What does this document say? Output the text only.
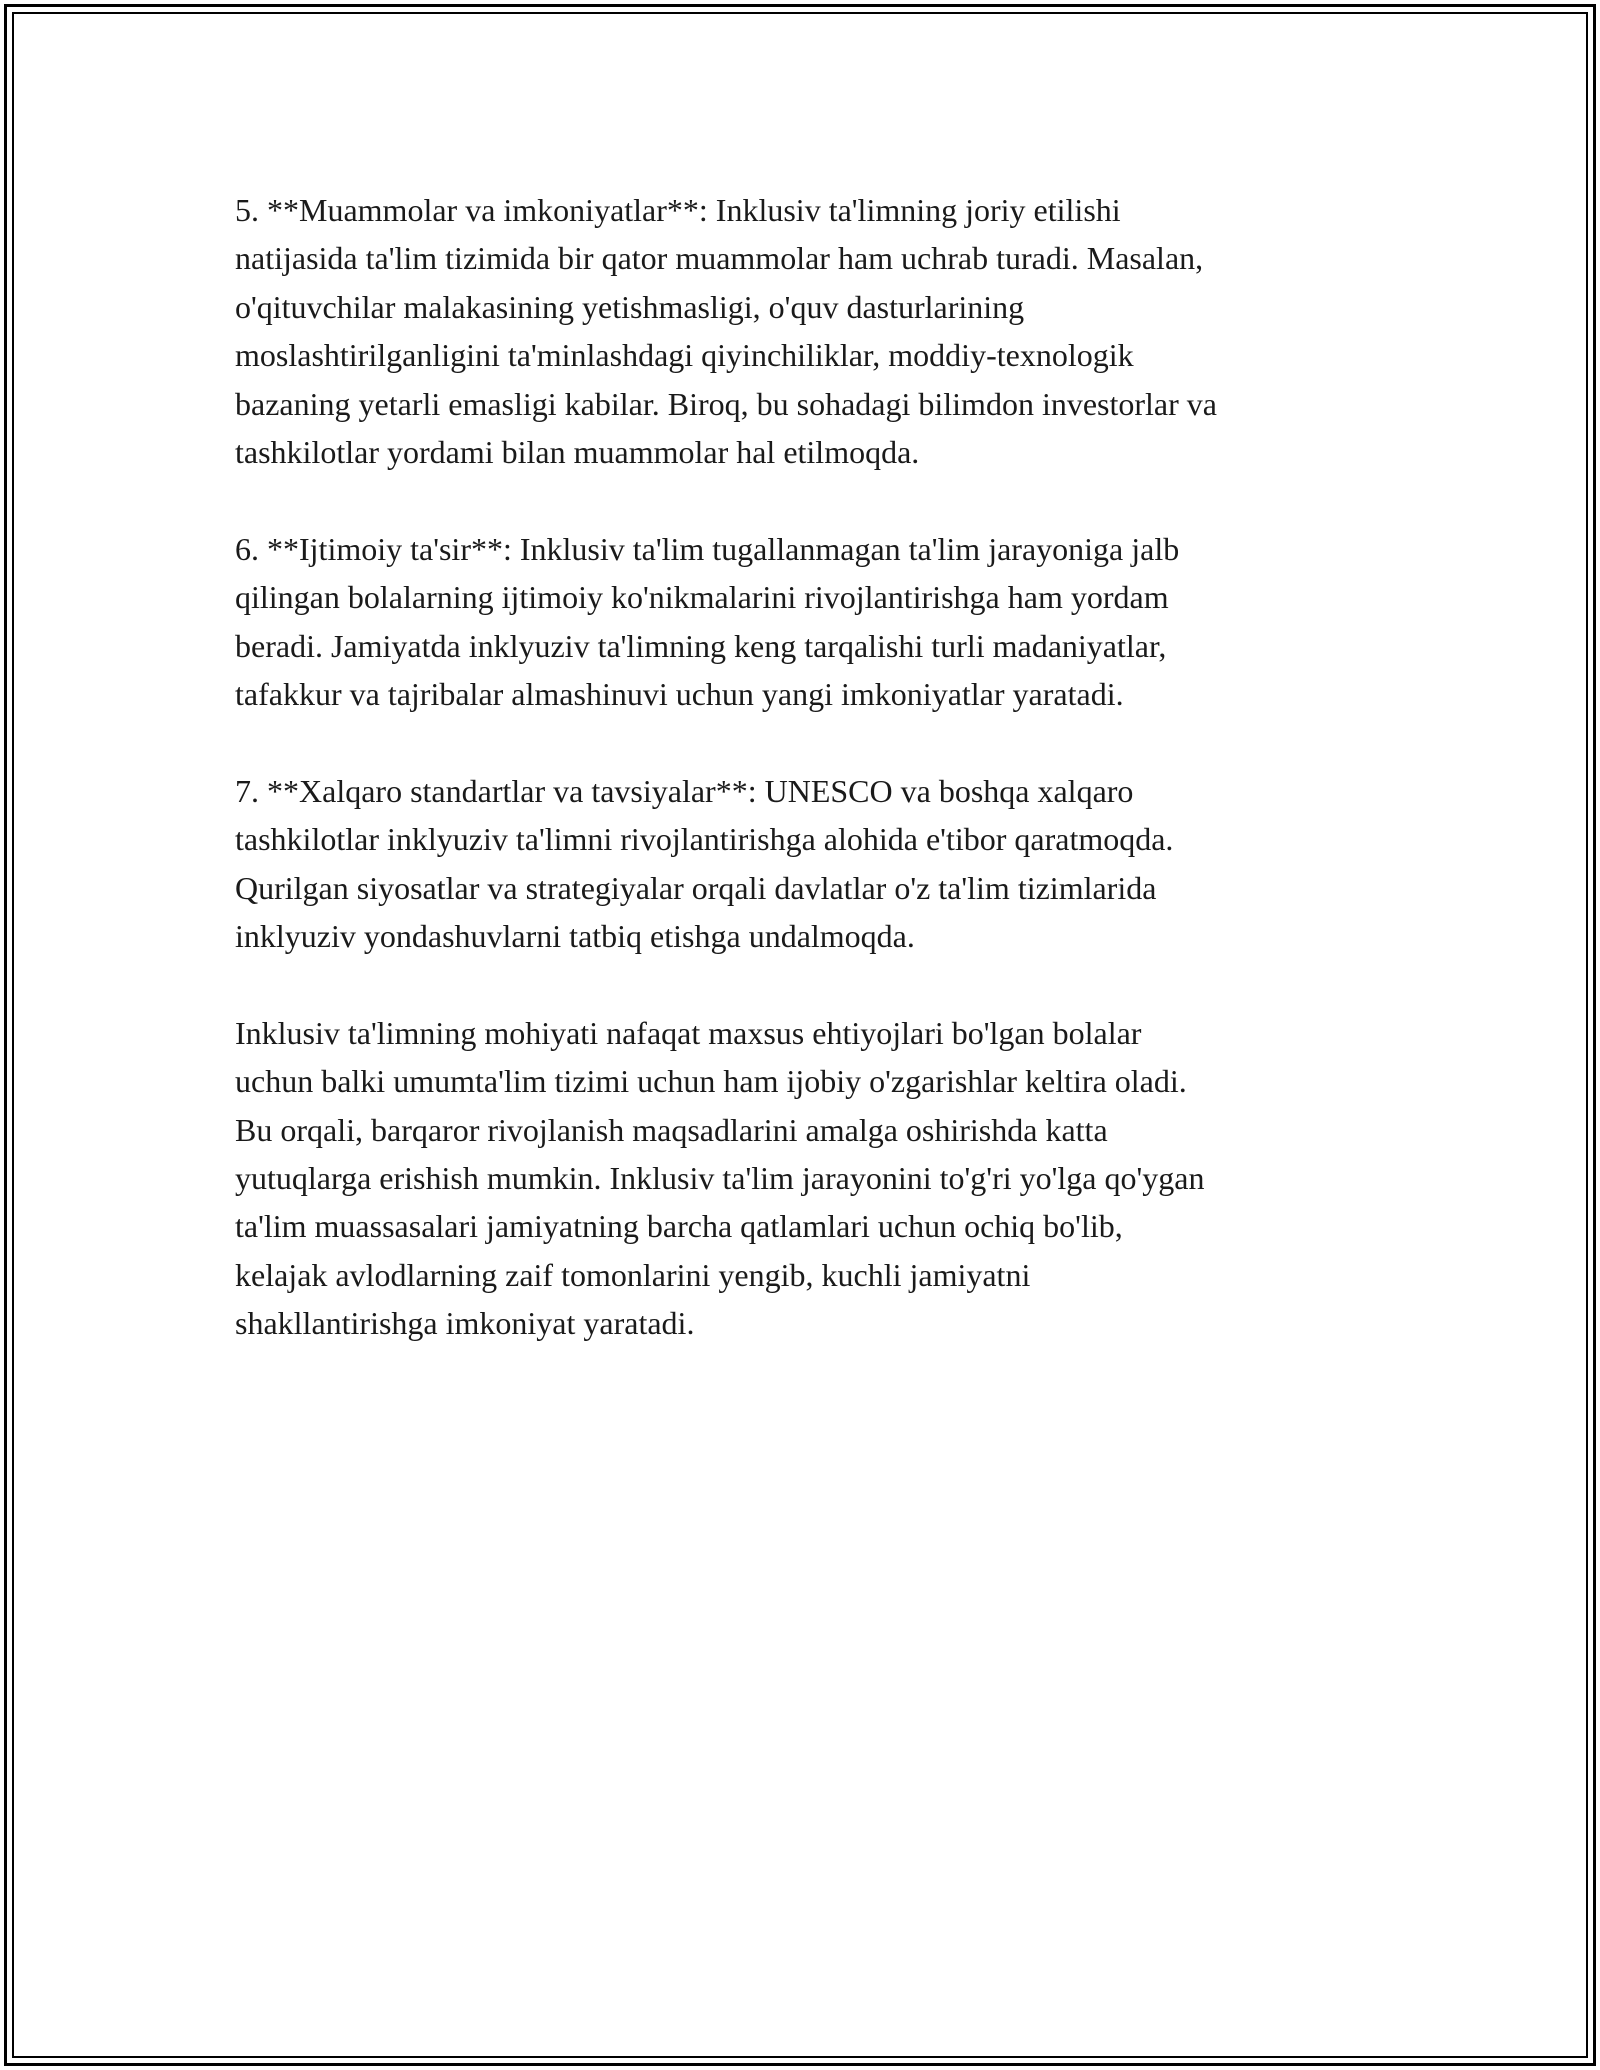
5. **Muammolar va imkoniyatlar**: Inklusiv ta'limning joriy etilishi
natijasida ta'lim tizimida bir qator muammolar ham uchrab turadi. Masalan,
o'qituvchilar malakasining yetishmasligi, o'quv dasturlarining
moslashtirilganligini ta'minlashdagi qiyinchiliklar, moddiy-texnologik
bazaning yetarli emasligi kabilar. Biroq, bu sohadagi bilimdon investorlar va
tashkilotlar yordami bilan muammolar hal etilmoqda.

6. **Ijtimoiy ta'sir**: Inklusiv ta'lim tugallanmagan ta'lim jarayoniga jalb
qilingan bolalarning ijtimoiy ko'nikmalarini rivojlantirishga ham yordam
beradi. Jamiyatda inklyuziv ta'limning keng tarqalishi turli madaniyatlar,
tafakkur va tajribalar almashinuvi uchun yangi imkoniyatlar yaratadi.

7. **Xalqaro standartlar va tavsiyalar**: UNESCO va boshqa xalqaro
tashkilotlar inklyuziv ta'limni rivojlantirishga alohida e'tibor qaratmoqda.
Qurilgan siyosatlar va strategiyalar orqali davlatlar o'z ta'lim tizimlarida
inklyuziv yondashuvlarni tatbiq etishga undalmoqda.

Inklusiv ta'limning mohiyati nafaqat maxsus ehtiyojlari bo'lgan bolalar
uchun balki umumta'lim tizimi uchun ham ijobiy o'zgarishlar keltira oladi.
Bu orqali, barqaror rivojlanish maqsadlarini amalga oshirishda katta
yutuqlarga erishish mumkin. Inklusiv ta'lim jarayonini to'g'ri yo'lga qo'ygan
ta'lim muassasalari jamiyatning barcha qatlamlari uchun ochiq bo'lib,
kelajak avlodlarning zaif tomonlarini yengib, kuchli jamiyatni
shakllantirishga imkoniyat yaratadi.
